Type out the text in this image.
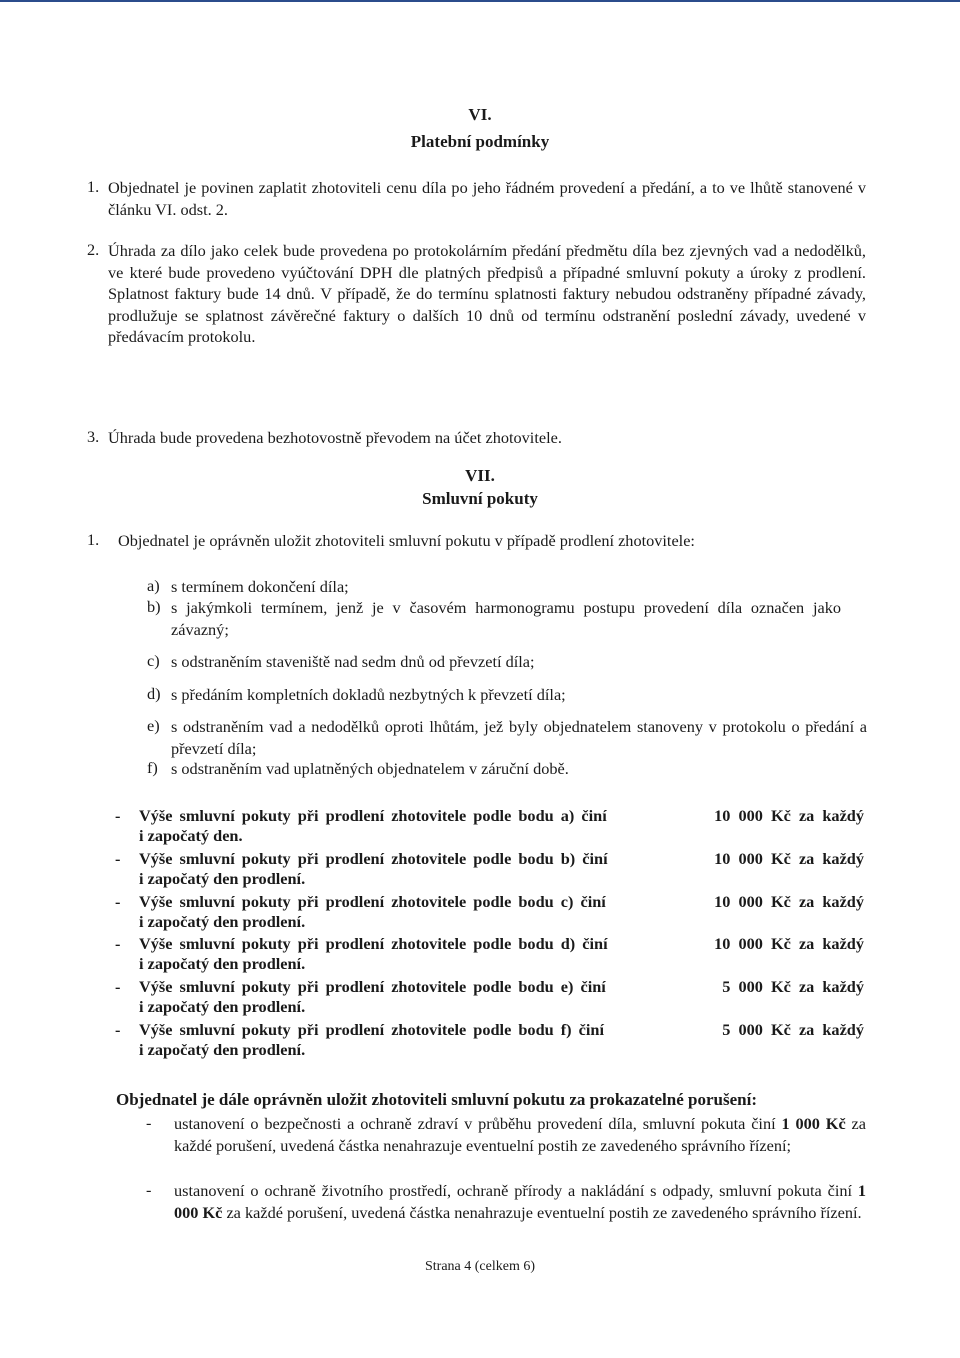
VI.
Platební podmínky
1. Objednatel je povinen zaplatit zhotoviteli cenu díla po jeho řádném provedení a předání, a to ve lhůtě stanovené v článku VI. odst. 2.
2. Úhrada za dílo jako celek bude provedena po protokolárním předání předmětu díla bez zjevných vad a nedodělků, ve které bude provedeno vyúčtování DPH dle platných předpisů a případné smluvní pokuty a úroky z prodlení. Splatnost faktury bude 14 dnů. V případě, že do termínu splatnosti faktury nebudou odstraněny případné závady, prodlužuje se splatnost závěrečné faktury o dalších 10 dnů od termínu odstranění poslední závady, uvedené v předávacím protokolu.
3. Úhrada bude provedena bezhotovostně převodem na účet zhotovitele.
VII.
Smluvní pokuty
1. Objednatel je oprávněn uložit zhotoviteli smluvní pokutu v případě prodlení zhotovitele:
a) s termínem dokončení díla;
b) s jakýmkoli termínem, jenž je v časovém harmonogramu postupu provedení díla označen jako závazný;
c) s odstraněním staveniště nad sedm dnů od převzetí díla;
d) s předáním kompletních dokladů nezbytných k převzetí díla;
e) s odstraněním vad a nedodělků oproti lhůtám, jež byly objednatelem stanoveny v protokolu o předání a převzetí díla;
f) s odstraněním vad uplatněných objednatelem v záruční době.
- Výše smluvní pokuty při prodlení zhotovitele podle bodu a) činí	10 000 Kč za každý
i započatý den.
- Výše smluvní pokuty při prodlení zhotovitele podle bodu b) činí	10 000 Kč za každý
i započatý den prodlení.
- Výše smluvní pokuty při prodlení zhotovitele podle bodu c) činí	10 000 Kč za každý
i započatý den prodlení.
- Výše smluvní pokuty při prodlení zhotovitele podle bodu d) činí	10 000 Kč za každý
i započatý den prodlení.
- Výše smluvní pokuty při prodlení zhotovitele podle bodu e) činí	5 000 Kč za každý
i započatý den prodlení.
- Výše smluvní pokuty při prodlení zhotovitele podle bodu f) činí	5 000 Kč za každý
i započatý den prodlení.
Objednatel je dále oprávněn uložit zhotoviteli smluvní pokutu za prokazatelné porušení:
- ustanovení o bezpečnosti a ochraně zdraví v průběhu provedení díla, smluvní pokuta činí 1 000 Kč za každé porušení, uvedená částka nenahrazuje eventuelní postih ze zavedeného správního řízení;
- ustanovení o ochraně životního prostředí, ochraně přírody a nakládání s odpady, smluvní pokuta činí 1 000 Kč za každé porušení, uvedená částka nenahrazuje eventuelní postih ze zavedeného správního řízení.
Strana 4 (celkem 6)
